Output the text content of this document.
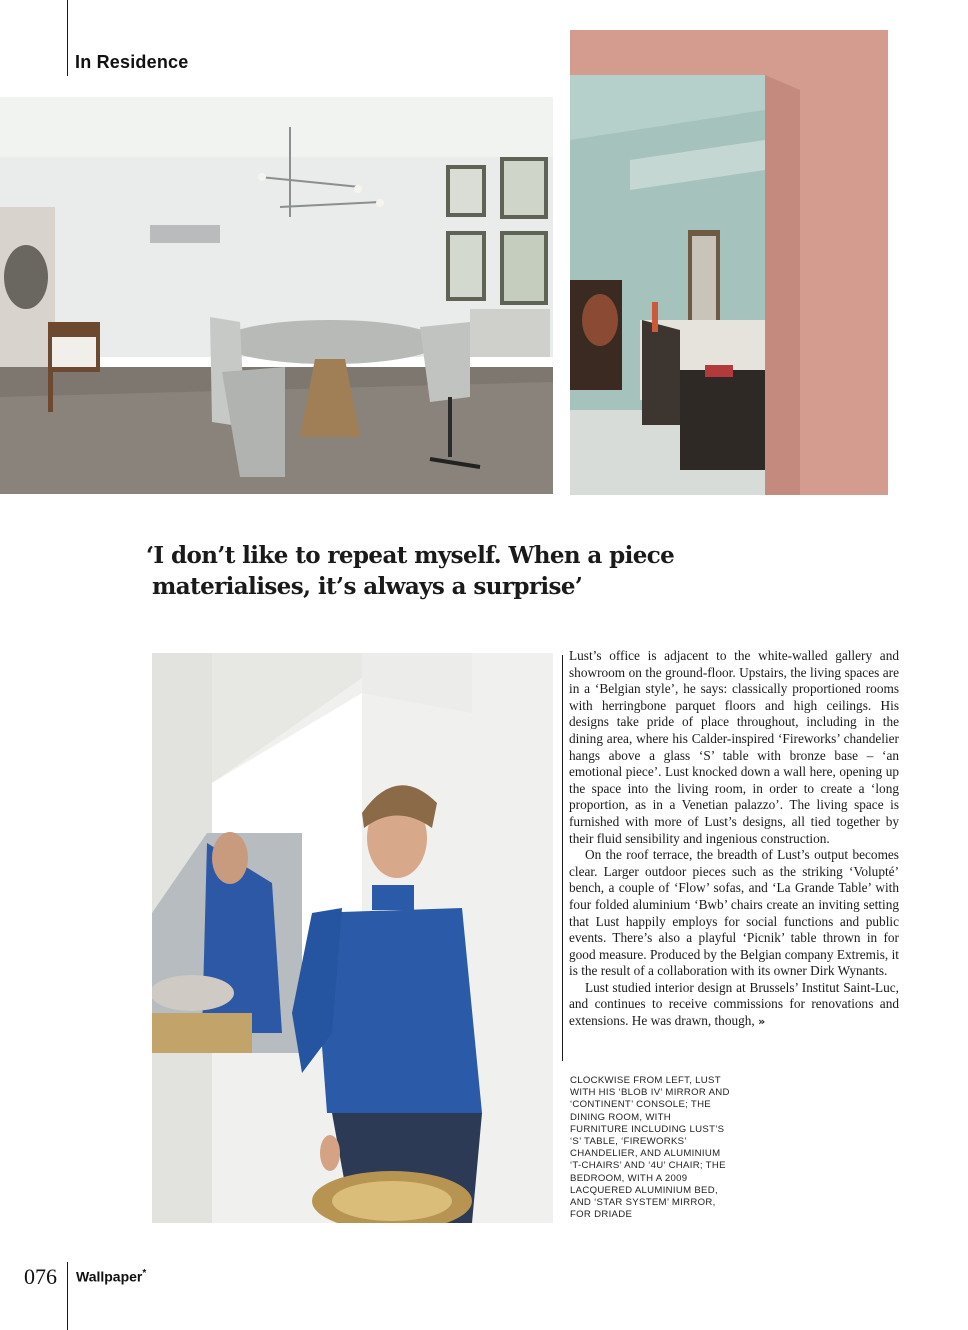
In Residence
‘I don’t like to repeat myself. When a piece
materialises, it’s always a surprise’

Lust’s office is adjacent to the white-walled gallery and showroom on the ground-floor. Upstairs, the living spaces are in a ‘Belgian style’, he says: classically proportioned rooms with herringbone parquet floors and high ceilings. His designs take pride of place throughout, including in the dining area, where his Calder-inspired ‘Fireworks’ chandelier hangs above a glass ‘S’ table with bronze base – ‘an emotional piece’. Lust knocked down a wall here, opening up the space into the living room, in order to create a ‘long proportion, as in a Venetian palazzo’. The living space is furnished with more of Lust’s designs, all tied together by their fluid sensibility and ingenious construction.

On the roof terrace, the breadth of Lust’s output becomes clear. Larger outdoor pieces such as the striking ‘Volupté’ bench, a couple of ‘Flow’ sofas, and ‘La Grande Table’ with four folded aluminium ‘Bwb’ chairs create an inviting setting that Lust happily employs for social functions and public events. There’s also a playful ‘Picnik’ table thrown in for good measure. Produced by the Belgian company Extremis, it is the result of a collaboration with its owner Dirk Wynants.

Lust studied interior design at Brussels’ Institut Saint-Luc, and continues to receive commissions for renovations and extensions. He was drawn, though, »

CLOCKWISE FROM LEFT, LUST WITH HIS ‘BLOB IV’ MIRROR AND ‘CONTINENT’ CONSOLE; THE DINING ROOM, WITH FURNITURE INCLUDING LUST’S ‘S’ TABLE, ‘FIREWORKS’ CHANDELIER, AND ALUMINIUM ‘T-CHAIRS’ AND ‘4U’ CHAIR; THE BEDROOM, WITH A 2009 LACQUERED ALUMINIUM BED, AND ‘STAR SYSTEM’ MIRROR, FOR DRIADE
076 Wallpaper*
